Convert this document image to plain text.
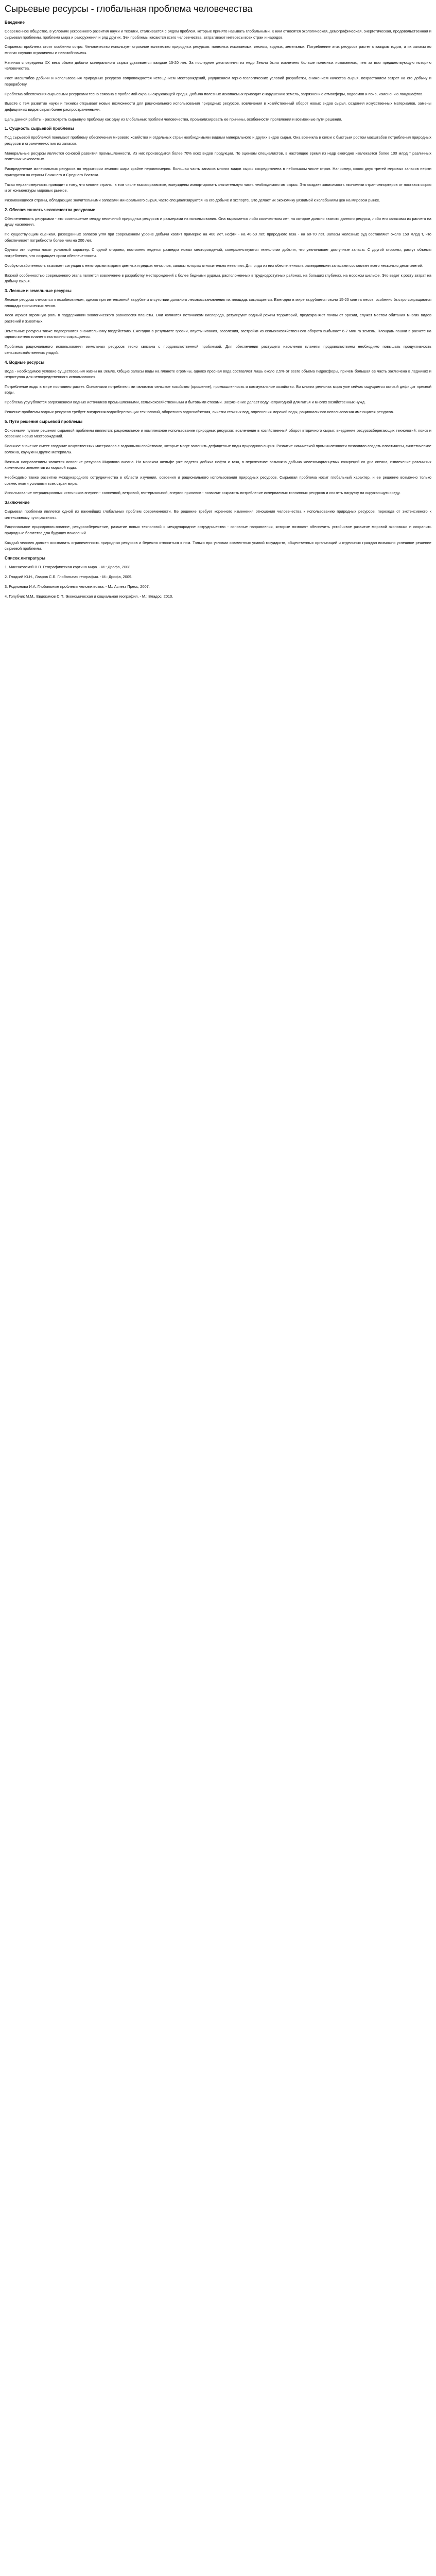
Сырьевые ресурсы - глобальная проблема человечества
Введение

Современное общество, в условиях ускоренного развития науки и техники, сталкивается с рядом проблем, которые принято называть глобальными. К ним относятся экологическая, демографическая, энергетическая, продовольственная и сырьевая проблемы, проблема мира и разоружения и ряд других. Эти проблемы касаются всего человечества, затрагивают интересы всех стран и народов.

Сырьевая проблема стоит особенно остро. Человечество использует огромное количество природных ресурсов: полезных ископаемых, лесных, водных, земельных. Потребление этих ресурсов растет с каждым годом, а их запасы во многих случаях ограничены и невозобновимы.

Начиная с середины XX века объем добычи минерального сырья удваивается каждые 15-20 лет. За последние десятилетия из недр Земли было извлечено больше полезных ископаемых, чем за всю предшествующую историю человечества.

Рост масштабов добычи и использования природных ресурсов сопровождается истощением месторождений, ухудшением горно-геологических условий разработки, снижением качества сырья, возрастанием затрат на его добычу и переработку.

Проблема обеспечения сырьевыми ресурсами тесно связана с проблемой охраны окружающей среды. Добыча полезных ископаемых приводит к нарушению земель, загрязнению атмосферы, водоемов и почв, изменению ландшафтов.

Вместе с тем развитие науки и техники открывает новые возможности для рационального использования природных ресурсов, вовлечения в хозяйственный оборот новых видов сырья, создания искусственных материалов, замены дефицитных видов сырья более распространенными.

Цель данной работы - рассмотреть сырьевую проблему как одну из глобальных проблем человечества, проанализировать ее причины, особенности проявления и возможные пути решения.

1. Сущность сырьевой проблемы

Под сырьевой проблемой понимают проблему обеспечения мирового хозяйства и отдельных стран необходимыми видами минерального и других видов сырья. Она возникла в связи с быстрым ростом масштабов потребления природных ресурсов и ограниченностью их запасов.

Минеральные ресурсы являются основой развития промышленности. Из них производится более 70% всех видов продукции. По оценкам специалистов, в настоящее время из недр ежегодно извлекается более 100 млрд т различных полезных ископаемых.

Распределение минеральных ресурсов по территории земного шара крайне неравномерно. Большая часть запасов многих видов сырья сосредоточена в небольшом числе стран. Например, около двух третей мировых запасов нефти приходится на страны Ближнего и Среднего Востока.

Такая неравномерность приводит к тому, что многие страны, в том числе высокоразвитые, вынуждены импортировать значительную часть необходимого им сырья. Это создает зависимость экономики стран-импортеров от поставок сырья и от конъюнктуры мировых рынков.

Развивающиеся страны, обладающие значительными запасами минерального сырья, часто специализируются на его добыче и экспорте. Это делает их экономику уязвимой к колебаниям цен на мировом рынке.

2. Обеспеченность человечества ресурсами

Обеспеченность ресурсами - это соотношение между величиной природных ресурсов и размерами их использования. Она выражается либо количеством лет, на которое должно хватить данного ресурса, либо его запасами из расчета на душу населения.

По существующим оценкам, разведанных запасов угля при современном уровне добычи хватит примерно на 400 лет, нефти - на 40-50 лет, природного газа - на 60-70 лет. Запасы железных руд составляют около 150 млрд т, что обеспечивает потребности более чем на 200 лет.

Однако эти оценки носят условный характер. С одной стороны, постоянно ведется разведка новых месторождений, совершенствуются технологии добычи, что увеличивает доступные запасы. С другой стороны, растут объемы потребления, что сокращает сроки обеспеченности.

Особую озабоченность вызывает ситуация с некоторыми видами цветных и редких металлов, запасы которых относительно невелики. Для ряда из них обеспеченность разведанными запасами составляет всего несколько десятилетий.

Важной особенностью современного этапа является вовлечение в разработку месторождений с более бедными рудами, расположенных в труднодоступных районах, на больших глубинах, на морском шельфе. Это ведет к росту затрат на добычу сырья.

3. Лесные и земельные ресурсы

Лесные ресурсы относятся к возобновимым, однако при интенсивной вырубке и отсутствии должного лесовосстановления их площадь сокращается. Ежегодно в мире вырубается около 15-20 млн га лесов, особенно быстро сокращаются площади тропических лесов.

Леса играют огромную роль в поддержании экологического равновесия планеты. Они являются источником кислорода, регулируют водный режим территорий, предохраняют почвы от эрозии, служат местом обитания многих видов растений и животных.

Земельные ресурсы также подвергаются значительному воздействию. Ежегодно в результате эрозии, опустынивания, засоления, застройки из сельскохозяйственного оборота выбывает 6-7 млн га земель. Площадь пашни в расчете на одного жителя планеты постоянно сокращается.

Проблема рационального использования земельных ресурсов тесно связана с продовольственной проблемой. Для обеспечения растущего населения планеты продовольствием необходимо повышать продуктивность сельскохозяйственных угодий.

4. Водные ресурсы

Вода - необходимое условие существования жизни на Земле. Общие запасы воды на планете огромны, однако пресная вода составляет лишь около 2,5% от всего объема гидросферы, причем большая ее часть заключена в ледниках и недоступна для непосредственного использования.

Потребление воды в мире постоянно растет. Основными потребителями являются сельское хозяйство (орошение), промышленность и коммунальное хозяйство. Во многих регионах мира уже сейчас ощущается острый дефицит пресной воды.

Проблема усугубляется загрязнением водных источников промышленными, сельскохозяйственными и бытовыми стоками. Загрязнение делает воду непригодной для питья и многих хозяйственных нужд.

Решение проблемы водных ресурсов требует внедрения водосберегающих технологий, оборотного водоснабжения, очистки сточных вод, опреснения морской воды, рационального использования имеющихся ресурсов.

5. Пути решения сырьевой проблемы

Основными путями решения сырьевой проблемы являются: рациональное и комплексное использование природных ресурсов; вовлечение в хозяйственный оборот вторичного сырья; внедрение ресурсосберегающих технологий; поиск и освоение новых месторождений.

Большое значение имеет создание искусственных материалов с заданными свойствами, которые могут заменить дефицитные виды природного сырья. Развитие химической промышленности позволило создать пластмассы, синтетические волокна, каучуки и другие материалы.

Важным направлением является освоение ресурсов Мирового океана. На морском шельфе уже ведется добыча нефти и газа, в перспективе возможна добыча железомарганцевых конкреций со дна океана, извлечение различных химических элементов из морской воды.

Необходимо также развитие международного сотрудничества в области изучения, освоения и рационального использования природных ресурсов. Сырьевая проблема носит глобальный характер, и ее решение возможно только совместными усилиями всех стран мира.

Использование нетрадиционных источников энергии - солнечной, ветровой, геотермальной, энергии приливов - позволит сократить потребление исчерпаемых топливных ресурсов и снизить нагрузку на окружающую среду.

Заключение

Сырьевая проблема является одной из важнейших глобальных проблем современности. Ее решение требует коренного изменения отношения человечества к использованию природных ресурсов, перехода от экстенсивного к интенсивному пути развития.

Рациональное природопользование, ресурсосбережение, развитие новых технологий и международное сотрудничество - основные направления, которые позволят обеспечить устойчивое развитие мировой экономики и сохранить природные богатства для будущих поколений.

Каждый человек должен осознавать ограниченность природных ресурсов и бережно относиться к ним. Только при условии совместных усилий государств, общественных организаций и отдельных граждан возможно успешное решение сырьевой проблемы.

Список литературы

1. Максаковский В.П. Географическая картина мира. - М.: Дрофа, 2008.

2. Гладкий Ю.Н., Лавров С.Б. Глобальная география. - М.: Дрофа, 2009.

3. Родионова И.А. Глобальные проблемы человечества. - М.: Аспект Пресс, 2007.

4. Голубчик М.М., Евдокимов С.П. Экономическая и социальная география. - М.: Владос, 2010.
